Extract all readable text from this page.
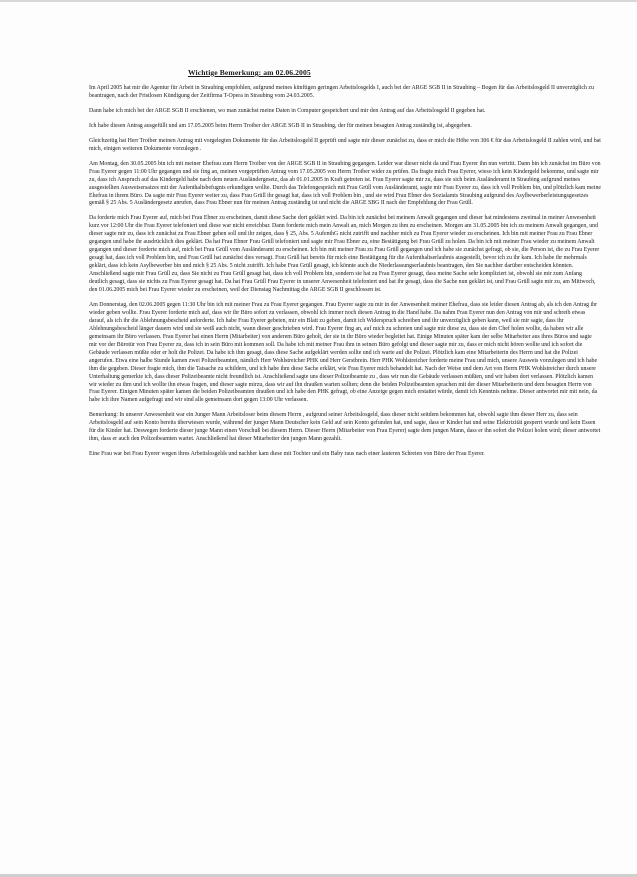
Wichtige Bemerkung: am 02.06.2005

Im April 2005 hat mir die Agentur für Arbeit in Straubing empfohlen, aufgrund meines künftigen geringen Arbeitslosgelds I, auch bei der ARGE SGB II in Straubing – Bogen für das Arbeitslosgeld II unverzüglich zu beantragen, nach der Fristlosen Kündigung der Zeitfirma T-Opera in Straubing vom 24.03.2005.

Dann habe ich mich bei der ARGE SGB II erschienen, wo man zunächst meine Daten in Computer gespeichert und mir den Antrag auf das Arbeitslosgeld II gegeben hat.

Ich habe diesen Antrag ausgefüllt und am 17.05.2005 beim Herrn Troiber der ARGE SGB II in Straubing, der für meinen besagten Antrag zuständig ist, abgegeben.

Gleichzeitig hat Herr Troiber meinen Antrag mit vorgelegten Dokumente für das Arbeitslosgeld II geprüft und sagte mir dieser zunächst zu, dass er mich die Höhe von 306 € für das Arbeitslosgeld II zahlen wird, und bat mich, einigen weiteren Dokumente vorzulegen .

Am Montag, den 30.05.2005 bin ich mit meiner Ehefrau zum Herrn Troiber von der ARGE SGB II in Straubing gegangen. Leider war dieser nicht da und Frau Eyerer ihn nun vertritt. Dann bin ich zunächst im Büro von Frau Eyerer gegen 11:00 Uhr gegangen und sie fing an, meinen vorgeprüften Antrag vom 17.05.2005 von Herrn Troiber wider zu prüfen. Da fragte mich Frau Eyerer, wieso ich kein Kindergeld bekomme, und sagte mir zu, dass ich Anspruch auf das Kindergeld habe nach dem neuen Ausländergesetz, das ab 01.01.2005 in Kraft getreten ist. Frau Eyerer sagte mir zu, dass sie sich beim Ausländeramt in Straubing aufgrund meines ausgestellten Ausweisersatzes mit der Aufenthaltsbefugnis erkundigen wollte. Durch das Telefongespräch mit Frau Grüll vom Ausländeramt, sagte mir Frau Eyerer zu, dass ich voll Problem bin, und plötzlich kam meine Ehefrau in ihrem Büro. Da sagte mir Frau Eyerer weiter zu, dass Frau Grüll ihr gesagt hat, dass ich voll Problem bin , und sie wird Frau Ebner des Sozialamts Straubing aufgrund des Asylbewerberleistungsgesetzes gemäß § 25 Abs. 5 Ausländergesetz anrufen, dass Frau Ebner nun für meinen Antrag zuständig ist und nicht die ARGE SBG II nach der Empfehlung der Frau Grüll.

Da forderte mich Frau Eyerer auf, mich bei Frau Ebner zu erscheinen, damit diese Sache dort geklärt wird. Da bin ich zunächst bei meinem Anwalt gegangen und dieser hat mindestens zweimal in meiner Anwesenheit kurz vor 12:00 Uhr die Frau Eyerer telefoniert und diese war nicht erreichbar. Dann forderte mich mein Anwalt an, mich Morgen zu ihm zu erscheinen. Morgen am 31.05.2005 bin ich zu meinem Anwalt gegangen, und dieser sagte mir zu, dass ich zunächst zu Frau Ebner gehen soll und ihr zeigen, dass § 25, Abs. 5 AufenthG nicht zutrifft und nachher mich zu Frau Eyerer wieder zu erscheinen. Ich bin mit meiner Frau zu Frau Ebner gegangen und habe ihr ausdrücklich dies geklärt. Da hat Frau Ebner Frau Grüll telefoniert und sagte mir Frau Ebner zu, eine Bestätigung bei Frau Grüll zu holen. Da bin ich mit meiner Frau wieder zu meinem Anwalt gegangen und dieser forderte mich auf, mich bei Frau Grüll vom Ausländeramt zu erscheinen. Ich bin mit meiner Frau zu Frau Grüll gegangen und ich habe sie zunächst gefragt, ob sie, die Person ist, die zu Frau Eyerer gesagt hat, dass ich voll Problem bin, und Frau Grüll hat zunächst dies versagt. Frau Grüll hat bereits für mich eine Bestätigung für die Aufenthaltserlaubnis ausgestellt, bevor ich zu ihr kam. Ich habe ihr mehrmals geklärt, dass ich kein Asylbewerber bin und mich § 25 Abs. 5 nicht zutrifft. Ich habe Frau Grüll gesagt, ich könnte auch die Niederlassungserlaubnis beantragen, den Sie nachher darüber entscheiden könnten. Anschließend sagte mir Frau Grüll zu, dass Sie nicht zu Frau Grüll gesagt hat, dass ich voll Problem bin, sondern sie hat zu Frau Eyerer gesagt, dass meine Sache sehr kompliziert ist, obwohl sie mir zum Anfang deutlich gesagt, dass sie nichts zu Frau Eyerer gesagt hat. Da hat Frau Grüll Frau Eyerer in unserer Anwesenheit telefoniert und hat ihr gesagt, dass die Sache nun geklärt ist, und Frau Grüll sagte mir zu, am Mittwoch, den 01.06.2005 mich bei Frau Eyerer wieder zu erscheinen, weil der Dienstag Nachmittag die ARGE SGB II geschlossen ist.

Am Donnerstag, den 02.06.2005 gegen 11:30 Uhr bin ich mit meiner Frau zu Frau Eyerer gegangen. Frau Eyerer sagte zu mir in der Anwesenheit meiner Ehefrau, dass sie leider diesen Antrag ab, als ich den Antrag ihr wieder geben wollte. Frau Eyerer forderte mich auf, dass wir ihr Büro sofort zu verlassen, obwohl ich immer noch diesen Antrag in die Hand habe. Da nahm Frau Eyerer nun den Antrag von mir und schreib etwas darauf, als ich ihr die Ablehnungsbescheid anforderte. Ich habe Frau Eyerer gebeten, mir ein Blatt zu geben, damit ich Widerspruch schreiben und ihr unverzüglich geben kann, weil sie mir sagte, dass ihr Ablehnungsbescheid länger dauern wird und sie weiß auch nicht, wann dieser geschrieben wird. Frau Eyerer fing an, auf mich zu schreien und sagte mir diese zu, dass sie den Chef holen wollte, da haben wir alle gemeinsam ihr Büro verlassen. Frau Eyerer hat einen Herrn (Mitarbeiter) von anderem Büro geholt, der sie in ihr Büro wieder begleitet hat. Einige Minuten später kam der selbe Mitarbeiter aus ihres Büros und sagte mir vor der Bürotür von Frau Eyerer zu, dass ich in sein Büro mit kommen soll. Da habe ich mit meiner Frau ihm in seinen Büro gefolgt und dieser sagte mir zu, dass er mich nicht hören wollte und ich sofort die Gebäude verlassen müßte oder er holt die Polizei. Da habe ich ihm gesagt, dass diese Sache aufgeklärt werden sollte und ich warte auf die Polizei. Plötzlich kam eine Mitarbeiterin des Herrn und hat die Polizei angerufen. Etwa eine halbe Stunde kamen zwei Polizeibeamten, nämlich Herr Wohlstreicher PHK und Herr Gerstbrein. Herr PHK Wohlstreicher forderte meine Frau und mich, unsere Ausweis vorzulegen und ich habe ihm die gegeben. Dieser fragte mich, ihm die Tatsache zu schildern, und ich habe ihm diese Sache erklärt, wie Frau Eyerer mich behandelt hat. Nach der Weise und dem Art von Herrn PHK Wohlstreicher durch unsere Unterhaltung gemerkte ich, dass dieser Polizeibeamte nicht freundlich ist. Anschließend sagte uns dieser Polizeibeamte zu , dass wir nun die Gebäude verlassen müßten, und wir haben dort verlassen. Plötzlich kamen wir wieder zu ihm und ich wollte ihn etwas fragen, und dieser sagte mirzu, dass wir auf ihn draußen warten sollten; denn die beiden Polizeibeamten sprachen mit der dieser Mitarbeiterin und dem besagten Herrn von Frau Eyerer. Einigen Minuten später kamen die beiden Polizeibeamten draußen und ich habe den PHK gefragt, ob eine Anzeige gegen mich erstattet würde, damit ich Kenntnis nehme. Dieser antwortet mir mit nein, da habe ich ihre Namen aufgefragt und wir sind alle gemeinsam dort gegen 13:00 Uhr verlassen.

Bemerkung: In unserer Anwesenheit war ein Junger Mann Arbeitsloser beim diesem Herrn , aufgrund seiner Arbeitslosgeld, dass dieser nicht seitdem bekommen hat, obwohl sagte ihm dieser Herr zu, dass sein Arbeitslosgeld auf sein Konto bereits überwiesen wurde, während der junger Mann Deutscher kein Geld auf sein Konto gefunden hat, und sagte, dass er Kinder hat und seine Elektrizität gesperrt wurde und kein Essen für die Kinder hat. Deswegen forderte dieser junge Mann einen Vorschuß bei diesem Herrn. Dieser Herrn (Mitarbeiter von Frau Eyerer) sagte dem jungen Mann, dass er ihn sofort die Polizei holen wird; dieser antwortet ihm, dass er auch den Polizeibeamten wartet. Anschließend hat dieser Mitarbeiter den jungen Mann gezahlt.

Eine Frau war bei Frau Eyerer wegen ihres Arbeitslosgelds und nachher kam diese mit Tochter und ein Baby raus nach einer lauteren Schreien von Büro der Frau Eyerer.
